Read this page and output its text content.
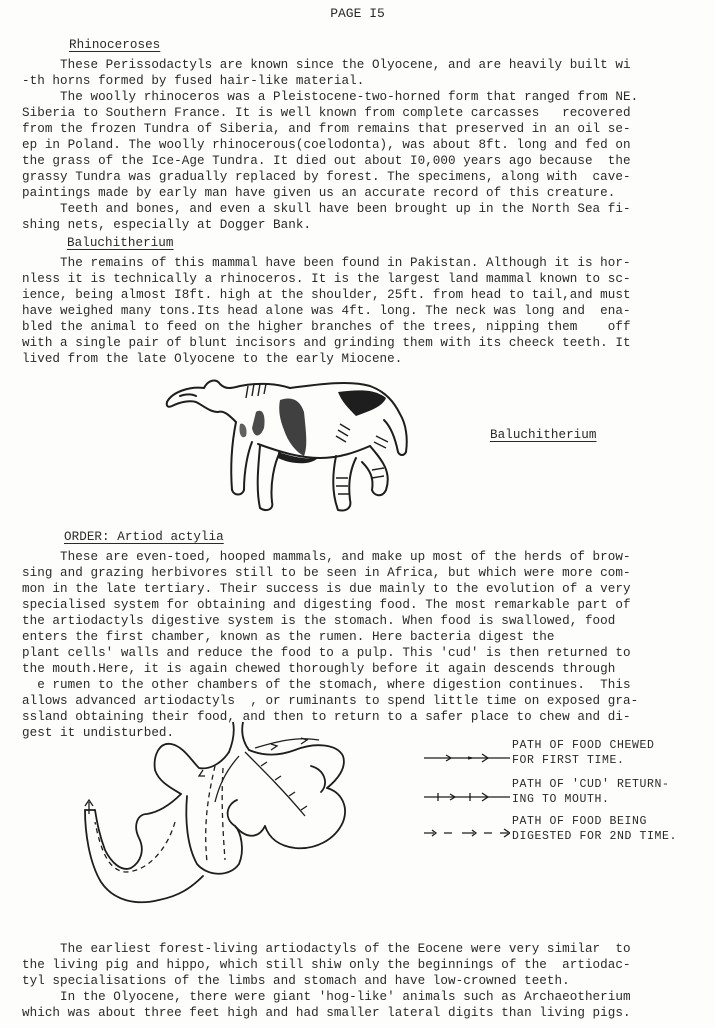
PAGE I5
Rhinoceroses
These Perissodactyls are known since the Olyocene, and are heavily built wi
-th horns formed by fused hair-like material.
The woolly rhinoceros was a Pleistocene-two-horned form that ranged from NE.
Siberia to Southern France. It is well known from complete carcasses   recovered
from the frozen Tundra of Siberia, and from remains that preserved in an oil se-
ep in Poland. The woolly rhinocerous(coelodonta), was about 8ft. long and fed on
the grass of the Ice-Age Tundra. It died out about I0,000 years ago because  the
grassy Tundra was gradually replaced by forest. The specimens, along with  cave-
paintings made by early man have given us an accurate record of this creature.
Teeth and bones, and even a skull have been brought up in the North Sea fi-
shing nets, especially at Dogger Bank.
Baluchitherium
The remains of this mammal have been found in Pakistan. Although it is hor-
nless it is technically a rhinoceros. It is the largest land mammal known to sc-
ience, being almost I8ft. high at the shoulder, 25ft. from head to tail,and must
have weighed many tons.Its head alone was 4ft. long. The neck was long and  ena-
bled the animal to feed on the higher branches of the trees, nipping them    off
with a single pair of blunt incisors and grinding them with its cheeck teeth. It
lived from the late Olyocene to the early Miocene.
Baluchitherium
ORDER: Artiod actylia
These are even-toed, hooped mammals, and make up most of the herds of brow-
sing and grazing herbivores still to be seen in Africa, but which were more com-
mon in the late tertiary. Their success is due mainly to the evolution of a very
specialised system for obtaining and digesting food. The most remarkable part of
the artiodactyls digestive system is the stomach. When food is swallowed, food
enters the first chamber, known as the rumen. Here bacteria digest the
plant cells' walls and reduce the food to a pulp. This 'cud' is then returned to
the mouth.Here, it is again chewed thoroughly before it again descends through
e rumen to the other chambers of the stomach, where digestion continues.  This
allows advanced artiodactyls  , or ruminants to spend little time on exposed gra-
ssland obtaining their food, and then to return to a safer place to chew and di-
gest it undisturbed.
PATH OF FOOD CHEWED
FOR FIRST TIME.
PATH OF 'CUD' RETURN-
ING TO MOUTH.
PATH OF FOOD BEING
DIGESTED FOR 2ND TIME.
The earliest forest-living artiodactyls of the Eocene were very similar  to
the living pig and hippo, which still shiw only the beginnings of the  artiodac-
tyl specialisations of the limbs and stomach and have low-crowned teeth.
In the Olyocene, there were giant 'hog-like' animals such as Archaeotherium
which was about three feet high and had smaller lateral digits than living pigs.
